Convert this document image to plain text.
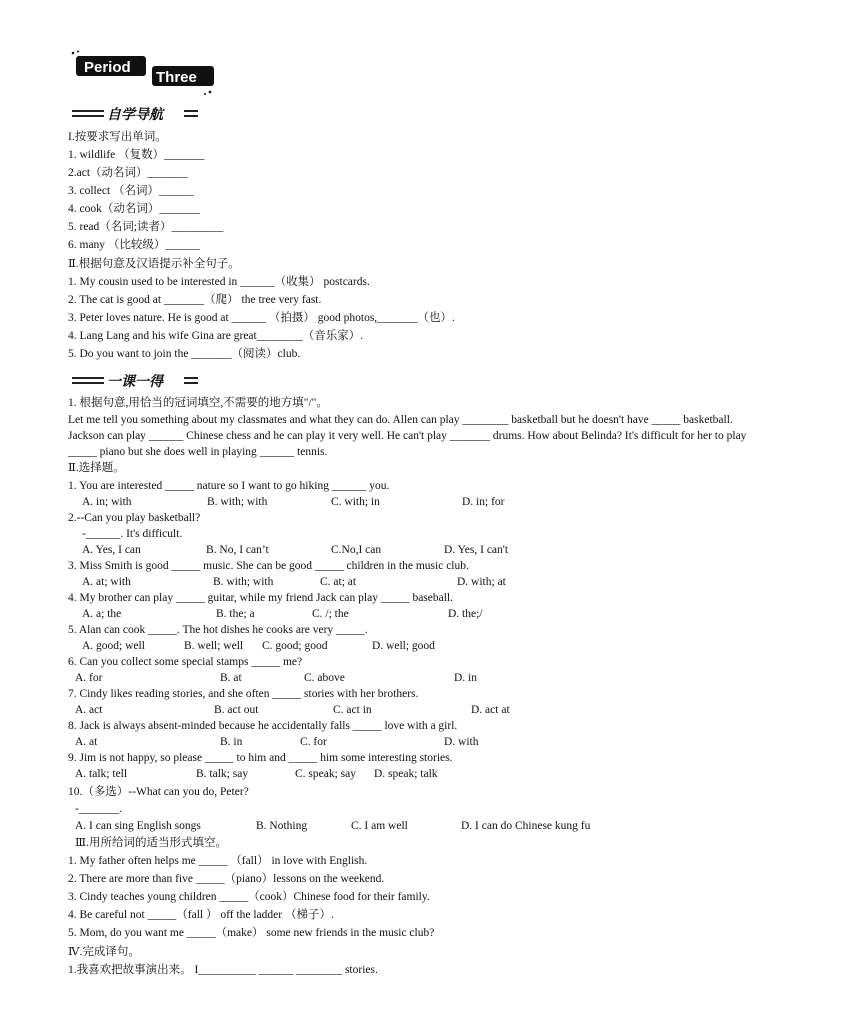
Period
Three
自学导航
I.按要求写出单词。
1. wildlife （复数）_______
2.act（动名词）_______
3. collect （名词）______
4. cook（动名词）_______
5. read（名词;读者）_________
6. many （比较级）______
Ⅱ.根据句意及汉语提示补全句子。
1. My cousin used to be interested in ______（收集） postcards.
2. The cat is good at _______（爬） the tree very fast.
3. Peter loves nature. He is good at ______ （拍摄） good photos,_______（也）.
4. Lang Lang and his wife Gina are great________（音乐家）.
5. Do you want to join the _______（阅读）club.
一课一得
1. 根据句意,用恰当的冠词填空,不需要的地方填"/"。
Let me tell you something about my classmates and what they can do. Allen can play ________ basketball but he doesn't have _____ basketball. Jackson can play ______ Chinese chess and he can play it very well. He can't play _______ drums. How about Belinda? It's difficult for her to play _____ piano but she does well in playing ______ tennis.
Ⅱ.选择题。
1. You are interested _____ nature so I want to go hiking ______ you.
A. in; with	B. with; with	C. with; in	D. in; for
2.--Can you play basketball?
-______. It's difficult.
A. Yes, I can	B. No, I can’t	C.No,I can	D. Yes, I can't
3. Miss Smith is good _____ music. She can be good _____ children in the music club.
A. at; with	B. with; with	C. at; at	D. with; at
4. My brother can play _____ guitar, while my friend Jack can play _____ baseball.
A. a; the	B. the; a	C. /; the	D. the;/
5. Alan can cook _____. The hot dishes he cooks are very _____.
A. good; well	B. well; well C. good; good	D. well; good
6. Can you collect some special stamps _____ me?
A. for	B. at	C. above	D. in
7. Cindy likes reading stories, and she often _____ stories with her brothers.
A. act	B. act out	C. act in	D. act at
8. Jack is always absent-minded because he accidentally falls _____ love with a girl.
A. at	B. in	C. for	D. with
9. Jim is not happy, so please _____ to him and _____ him some interesting stories.
A. talk; tell	B. talk; say	C. speak; say D. speak; talk
10.（多选）--What can you do, Peter?
-_______.
A. I can sing English songs	B. Nothing	C. I am well	D. I can do Chinese kung fu
Ⅲ.用所给词的适当形式填空。
1. My father often helps me _____ （fall） in love with English.
2. There are more than five _____（piano）lessons on the weekend.
3. Cindy teaches young children _____（cook）Chinese food for their family.
4. Be careful not _____（fall ） off the ladder （梯子）.
5. Mom, do you want me _____（make） some new friends in the music club?
Ⅳ.完成译句。
1.我喜欢把故事演出来。 I__________ ______ ________ stories.
